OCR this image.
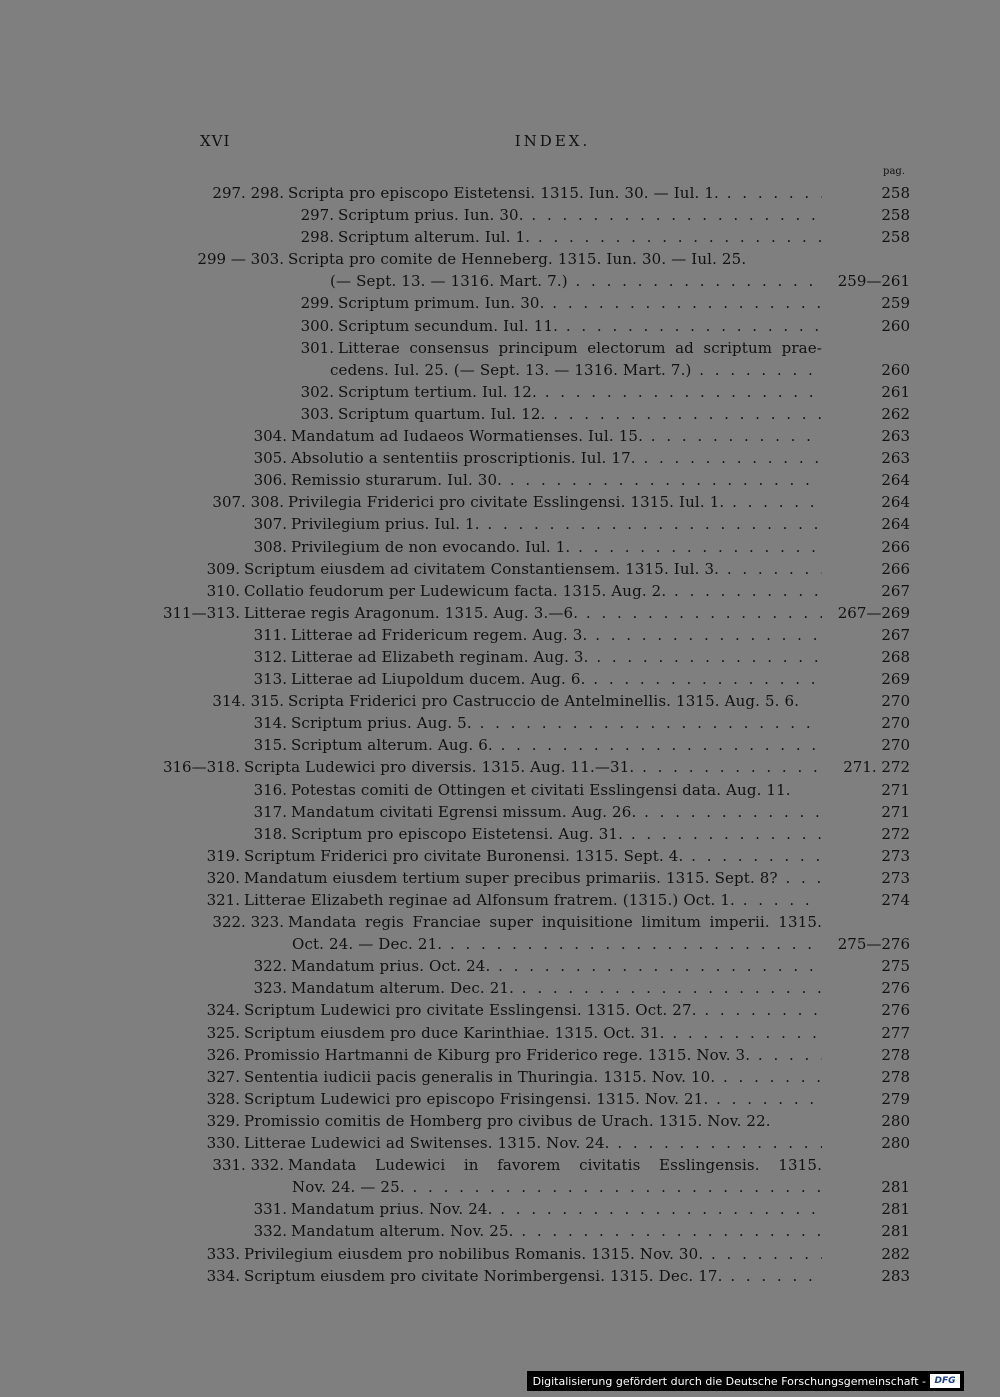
XVI	INDEX.
pag.
297. 298. Scripta pro episcopo Eistetensi. 1315. Iun. 30. — Iul. 1. . . .	258
297. Scriptum prius. Iun. 30. . . .	258
298. Scriptum alterum. Iul. 1. . . .	258
299 — 303. Scripta pro comite de Henneberg. 1315. Iun. 30. — Iul. 25.
(— Sept. 13. — 1316. Mart. 7.) . . .	259—261
299. Scriptum primum. Iun. 30. . . .	259
300. Scriptum secundum. Iul. 11. . . .	260
301. Litterae consensus principum electorum ad scriptum prae-
cedens. Iul. 25. (— Sept. 13. — 1316. Mart. 7.) . . .	260
302. Scriptum tertium. Iul. 12. . . .	261
303. Scriptum quartum. Iul. 12. . . .	262
304. Mandatum ad Iudaeos Wormatienses. Iul. 15. . . .	263
305. Absolutio a sententiis proscriptionis. Iul. 17. . . .	263
306. Remissio sturarum. Iul. 30. . . .	264
307. 308. Privilegia Friderici pro civitate Esslingensi. 1315. Iul. 1. . . .	264
307. Privilegium prius. Iul. 1. . . .	264
308. Privilegium de non evocando. Iul. 1. . . .	266
309. Scriptum eiusdem ad civitatem Constantiensem. 1315. Iul. 3. . . .	266
310. Collatio feudorum per Ludewicum facta. 1315. Aug. 2. . . .	267
311—313. Litterae regis Aragonum. 1315. Aug. 3.—6. . . .	267—269
311. Litterae ad Fridericum regem. Aug. 3. . . .	267
312. Litterae ad Elizabeth reginam. Aug. 3. . . .	268
313. Litterae ad Liupoldum ducem. Aug. 6. . . .	269
314. 315. Scripta Friderici pro Castruccio de Antelminellis. 1315. Aug. 5. 6.	270
314. Scriptum prius. Aug. 5. . . .	270
315. Scriptum alterum. Aug. 6. . . .	270
316—318. Scripta Ludewici pro diversis. 1315. Aug. 11.—31. . . .	271. 272
316. Potestas comiti de Ottingen et civitati Esslingensi data. Aug. 11.	271
317. Mandatum civitati Egrensi missum. Aug. 26. . . .	271
318. Scriptum pro episcopo Eistetensi. Aug. 31. . . .	272
319. Scriptum Friderici pro civitate Buronensi. 1315. Sept. 4. . . .	273
320. Mandatum eiusdem tertium super precibus primariis. 1315. Sept. 8? . . .	273
321. Litterae Elizabeth reginae ad Alfonsum fratrem. (1315.) Oct. 1. . . .	274
322. 323. Mandata regis Franciae super inquisitione limitum imperii. 1315.
Oct. 24. — Dec. 21. . . .	275—276
322. Mandatum prius. Oct. 24. . . .	275
323. Mandatum alterum. Dec. 21. . . .	276
324. Scriptum Ludewici pro civitate Esslingensi. 1315. Oct. 27. . . .	276
325. Scriptum eiusdem pro duce Karinthiae. 1315. Oct. 31. . . .	277
326. Promissio Hartmanni de Kiburg pro Friderico rege. 1315. Nov. 3. . . .	278
327. Sententia iudicii pacis generalis in Thuringia. 1315. Nov. 10. . . .	278
328. Scriptum Ludewici pro episcopo Frisingensi. 1315. Nov. 21. . . .	279
329. Promissio comitis de Homberg pro civibus de Urach. 1315. Nov. 22.	280
330. Litterae Ludewici ad Switenses. 1315. Nov. 24. . . .	280
331. 332. Mandata Ludewici in favorem civitatis Esslingensis. 1315.
Nov. 24. — 25. . . .	281
331. Mandatum prius. Nov. 24. . . .	281
332. Mandatum alterum. Nov. 25. . . .	281
333. Privilegium eiusdem pro nobilibus Romanis. 1315. Nov. 30. . . .	282
334. Scriptum eiusdem pro civitate Norimbergensi. 1315. Dec. 17. . . .	283
Digitalisierung gefördert durch die Deutsche Forschungsgemeinschaft - DFG
